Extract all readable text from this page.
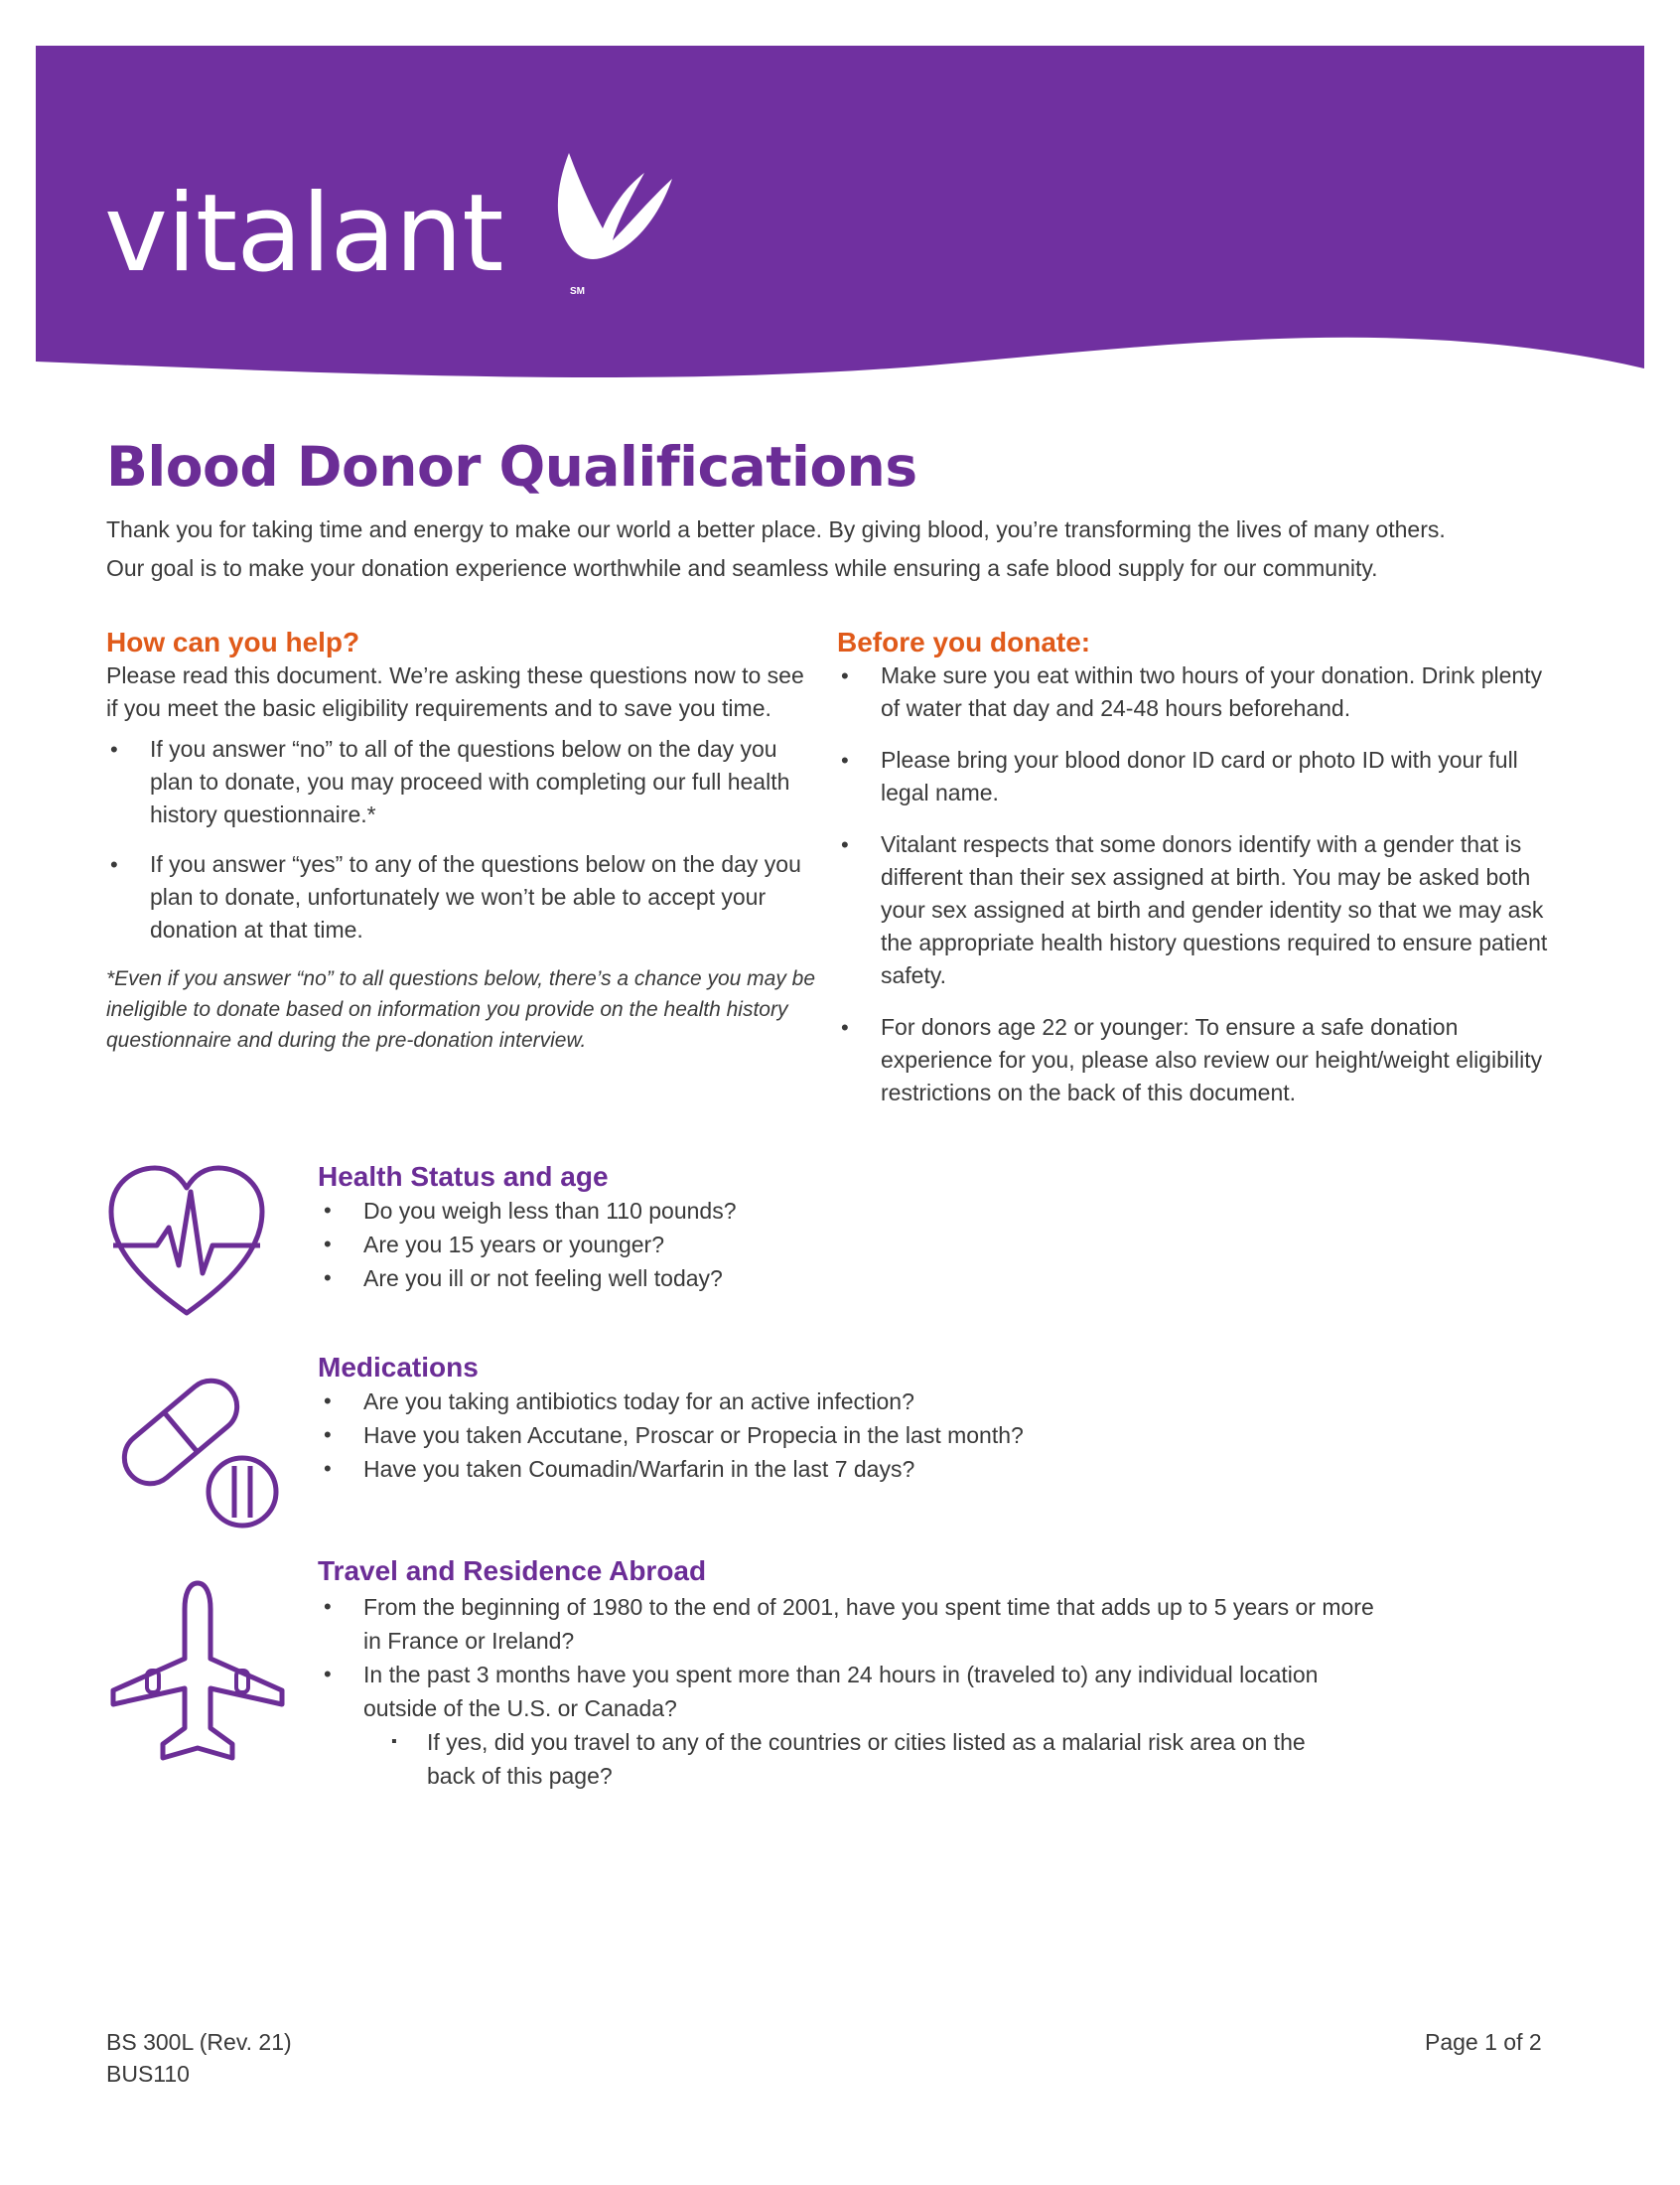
vitalant	SM
Blood Donor Qualifications

Thank you for taking time and energy to make our world a better place. By giving blood, you’re transforming the lives of many others.

Our goal is to make your donation experience worthwhile and seamless while ensuring a safe blood supply for our community.

How can you help?

Please read this document. We’re asking these questions now to see if you meet the basic eligibility requirements and to save you time.

• If you answer “no” to all of the questions below on the day you plan to donate, you may proceed with completing our full health history questionnaire.*
• If you answer “yes” to any of the questions below on the day you plan to donate, unfortunately we won’t be able to accept your donation at that time.

*Even if you answer “no” to all questions below, there’s a chance you may be ineligible to donate based on information you provide on the health history questionnaire and during the pre-donation interview.

Before you donate:
• Make sure you eat within two hours of your donation. Drink plenty of water that day and 24-48 hours beforehand.
• Please bring your blood donor ID card or photo ID with your full legal name.
• Vitalant respects that some donors identify with a gender that is different than their sex assigned at birth. You may be asked both your sex assigned at birth and gender identity so that we may ask the appropriate health history questions required to ensure patient safety.
• For donors age 22 or younger: To ensure a safe donation experience for you, please also review our height/weight eligibility restrictions on the back of this document.
Health Status and age
• Do you weigh less than 110 pounds?
• Are you 15 years or younger?
• Are you ill or not feeling well today?
Medications
• Are you taking antibiotics today for an active infection?
• Have you taken Accutane, Proscar or Propecia in the last month?
• Have you taken Coumadin/Warfarin in the last 7 days?
Travel and Residence Abroad
• From the beginning of 1980 to the end of 2001, have you spent time that adds up to 5 years or more in France or Ireland?
• In the past 3 months have you spent more than 24 hours in (traveled to) any individual location outside of the U.S. or Canada?
▪ If yes, did you travel to any of the countries or cities listed as a malarial risk area on the back of this page?
BS 300L (Rev. 21)
BUS110
Page 1 of 2
